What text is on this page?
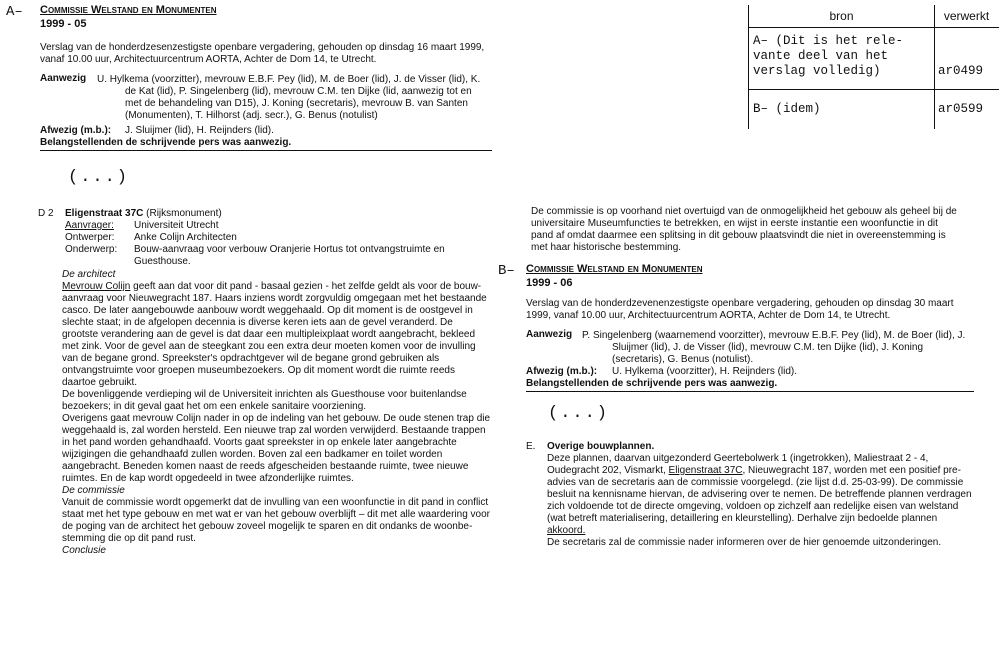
A– Commissie Welstand en Monumenten
1999 - 05
Verslag van de honderdzesenzestigste openbare vergadering, gehouden op dinsdag 16 maart 1999,
vanaf 10.00 uur, Architectuurcentrum AORTA, Achter de Dom 14, te Utrecht.
Aanwezig U. Hylkema (voorzitter), mevrouw E.B.F. Pey (lid), M. de Boer (lid), J. de Visser (lid), K.
de Kat (lid), P. Singelenberg (lid), mevrouw C.M. ten Dijke (lid, aanwezig tot en
met de behandeling van D15), J. Koning (secretaris), mevrouw B. van Santen
(Monumenten), T. Hilhorst (adj. secr.), G. Benus (notulist)
Afwezig (m.b.): J. Sluijmer (lid), H. Reijnders (lid).
Belangstellenden de schrijvende pers was aanwezig.
(...)
bron	verwerkt
A– (Dit is het rele-
vante deel van het
verslag volledig)	ar0499
B– (idem)	ar0599
D 2 Eligenstraat 37C (Rijksmonument)
Aanvrager: Universiteit Utrecht
Ontwerper: Anke Colijn Architecten
Onderwerp: Bouw-aanvraag voor verbouw Oranjerie Hortus tot ontvangstruimte en
Guesthouse.
De architect

Mevrouw Colijn geeft aan dat voor dit pand - basaal gezien - het zelfde geldt als voor de bouw-

aanvraag voor Nieuwegracht 187. Haars inziens wordt zorgvuldig omgegaan met het bestaande

casco. De later aangebouwde aanbouw wordt weggehaald. Op dit moment is de oostgevel in

slechte staat; in de afgelopen decennia is diverse keren iets aan de gevel veranderd. De

grootste verandering aan de gevel is dat daar een multipleixplaat wordt aangebracht, bekleed

met zink. Voor de gevel aan de steegkant zou een extra deur moeten komen voor de invulling

van de begane grond. Spreekster's opdrachtgever wil de begane grond gebruiken als

ontvangstruimte voor groepen museumbezoekers. Op dit moment wordt die ruimte reeds

daartoe gebruikt.

De bovenliggende verdieping wil de Universiteit inrichten als Guesthouse voor buitenlandse

bezoekers; in dit geval gaat het om een enkele sanitaire voorziening.

Overigens gaat mevrouw Colijn nader in op de indeling van het gebouw. De oude stenen trap die

weggehaald is, zal worden hersteld. Een nieuwe trap zal worden verwijderd. Bestaande trappen

in het pand worden gehandhaafd. Voorts gaat spreekster in op enkele later aangebrachte

wijzigingen die gehandhaafd zullen worden. Boven zal een badkamer en toilet worden

aangebracht. Beneden komen naast de reeds afgescheiden bestaande ruimte, twee nieuwe

ruimtes. En de kap wordt opgedeeld in twee afzonderlijke ruimtes.

De commissie

Vanuit de commissie wordt opgemerkt dat de invulling van een woonfunctie in dit pand in conflict

staat met het type gebouw en met wat er van het gebouw overblijft – dit met alle waardering voor

de poging van de architect het gebouw zoveel mogelijk te sparen en dit ondanks de woonbe-

stemming die op dit pand rust.

Conclusie

De commissie is op voorhand niet overtuigd van de onmogelijkheid het gebouw als geheel bij de

universitaire Museumfuncties te betrekken, en wijst in eerste instantie een woonfunctie in dit

pand af omdat daarmee een splitsing in dit gebouw plaatsvindt die niet in overeenstemming is

met haar historische bestemming.

B– Commissie Welstand en Monumenten
1999 - 06
Verslag van de honderdzevenenzestigste openbare vergadering, gehouden op dinsdag 30 maart
1999, vanaf 10.00 uur, Architectuurcentrum AORTA, Achter de Dom 14, te Utrecht.
Aanwezig P. Singelenberg (waarnemend voorzitter), mevrouw E.B.F. Pey (lid), M. de Boer (lid), J.
Sluijmer (lid), J. de Visser (lid), mevrouw C.M. ten Dijke (lid), J. Koning
(secretaris), G. Benus (notulist).
Afwezig (m.b.): U. Hylkema (voorzitter), H. Reijnders (lid).
Belangstellenden de schrijvende pers was aanwezig.
(...)
E. Overige bouwplannen.

Deze plannen, daarvan uitgezonderd Geertebolwerk 1 (ingetrokken), Maliestraat 2 - 4,

Oudegracht 202, Vismarkt, Eligenstraat 37C, Nieuwegracht 187, worden met een positief pre-

advies van de secretaris aan de commissie voorgelegd. (zie lijst d.d. 25-03-99). De commissie

besluit na kennisname hiervan, de advisering over te nemen. De betreffende plannen verdragen

zich voldoende tot de directe omgeving, voldoen op zichzelf aan redelijke eisen van welstand

(wat betreft materialisering, detaillering en kleurstelling). Derhalve zijn bedoelde plannen

akkoord.

De secretaris zal de commissie nader informeren over de hier genoemde uitzonderingen.
